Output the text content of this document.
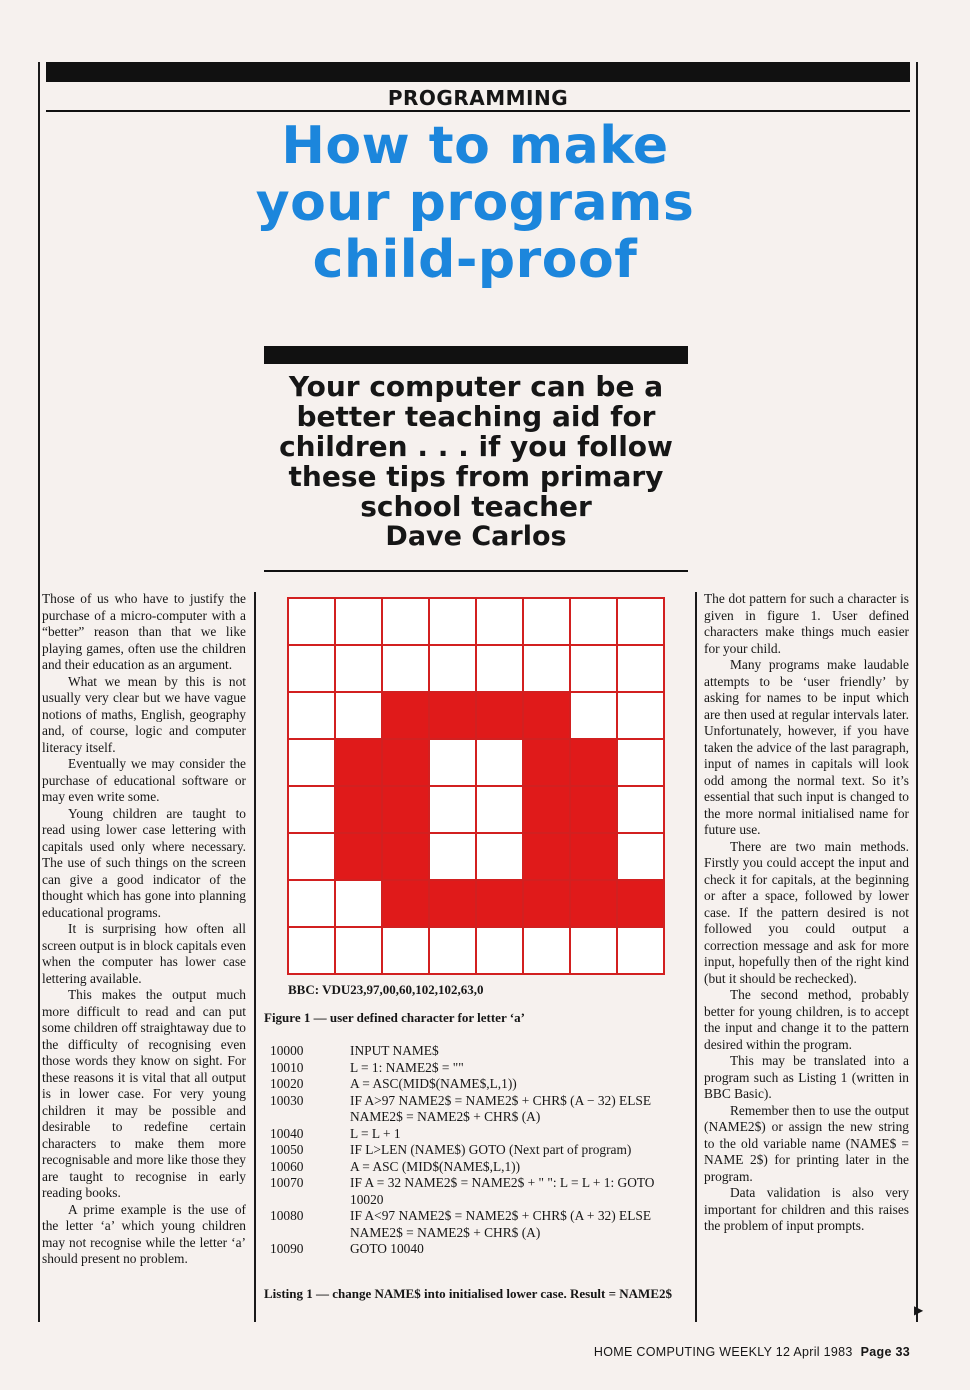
PROGRAMMING
How to make your programs child-proof
Your computer can be a better teaching aid for children . . . if you follow these tips from primary school teacher
Dave Carlos

Those of us who have to justify the purchase of a micro-computer with a “better” reason than that we like playing games, often use the children and their education as an argument.

What we mean by this is not usually very clear but we have vague notions of maths, English, geography and, of course, logic and computer literacy itself.

Eventually we may consider the purchase of educational software or may even write some.

Young children are taught to read using lower case lettering with capitals used only where necessary. The use of such things on the screen can give a good indicator of the thought which has gone into planning educational programs.

It is surprising how often all screen output is in block capitals even when the computer has lower case lettering available.

This makes the output much more difficult to read and can put some children off straightaway due to the difficulty of recognising even those words they know on sight. For these reasons it is vital that all output is in lower case. For very young children it may be possible and desirable to redefine certain characters to make them more recognisable and more like those they are taught to recognise in early reading books.

A prime example is the use of the letter ‘a’ which young children may not recognise while the letter ‘a’ should present no problem.

BBC: VDU23,97,00,60,102,102,63,0
Figure 1 — user defined character for letter ‘a’
10000	INPUT NAME$
10010	L = 1: NAME2$ = ""
10020	A = ASC(MID$(NAME$,L,1))
10030	IF A>97 NAME2$ = NAME2$ + CHR$ (A − 32) ELSE NAME2$ = NAME2$ + CHR$ (A)
10040	L = L + 1
10050	IF L>LEN (NAME$) GOTO (Next part of program)
10060	A = ASC (MID$(NAME$,L,1))
10070	IF A = 32 NAME2$ = NAME2$ + " ": L = L + 1: GOTO 10020
10080	IF A<97 NAME2$ = NAME2$ + CHR$ (A + 32) ELSE NAME2$ = NAME2$ + CHR$ (A)
10090	GOTO 10040
Listing 1 — change NAME$ into initialised lower case. Result = NAME2$

The dot pattern for such a character is given in figure 1. User defined characters make things much easier for your child.

Many programs make laudable attempts to be ‘user friendly’ by asking for names to be input which are then used at regular intervals later. Unfortunately, however, if you have taken the advice of the last paragraph, input of names in capitals will look odd among the normal text. So it’s essential that such input is changed to the more normal initialised name for future use.

There are two main methods. Firstly you could accept the input and check it for capitals, at the beginning or after a space, followed by lower case. If the pattern desired is not followed you could output a correction message and ask for more input, hopefully then of the right kind (but it should be rechecked).

The second method, probably better for young children, is to accept the input and change it to the pattern desired within the program.

This may be translated into a program such as Listing 1 (written in BBC Basic).

Remember then to use the output (NAME2$) or assign the new string to the old variable name (NAME$ = NAME 2$) for printing later in the program.

Data validation is also very important for children and this raises the problem of input prompts.

▶
HOME COMPUTING WEEKLY 12 April 1983 Page 33
